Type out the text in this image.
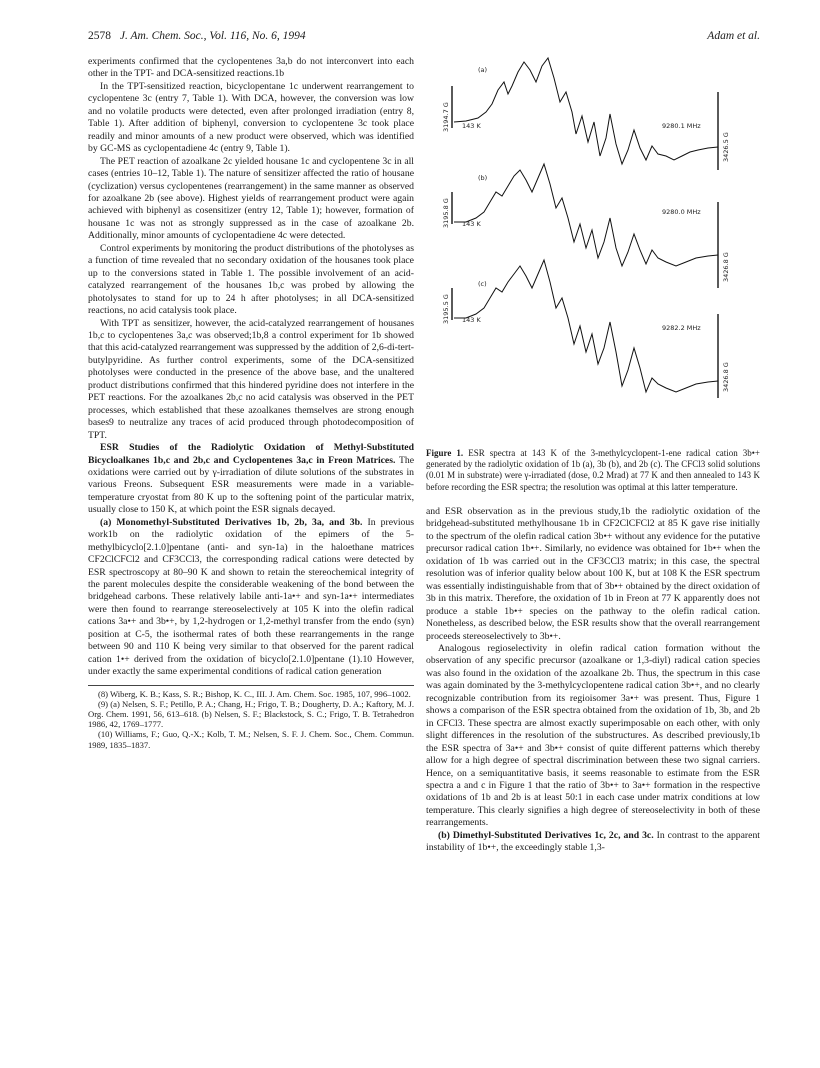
2578 J. Am. Chem. Soc., Vol. 116, No. 6, 1994	Adam et al.

experiments confirmed that the cyclopentenes 3a,b do not interconvert into each other in the TPT- and DCA-sensitized reactions.1b

In the TPT-sensitized reaction, bicyclopentane 1c underwent rearrangement to cyclopentene 3c (entry 7, Table 1). With DCA, however, the conversion was low and no volatile products were detected, even after prolonged irradiation (entry 8, Table 1). After addition of biphenyl, conversion to cyclopentene 3c took place readily and minor amounts of a new product were observed, which was identified by GC-MS as cyclopentadiene 4c (entry 9, Table 1).

The PET reaction of azoalkane 2c yielded housane 1c and cyclopentene 3c in all cases (entries 10–12, Table 1). The nature of sensitizer affected the ratio of housane (cyclization) versus cyclopentenes (rearrangement) in the same manner as observed for azoalkane 2b (see above). Highest yields of rearrangement product were again achieved with biphenyl as cosensitizer (entry 12, Table 1); however, formation of housane 1c was not as strongly suppressed as in the case of azoalkane 2b. Additionally, minor amounts of cyclopentadiene 4c were detected.

Control experiments by monitoring the product distributions of the photolyses as a function of time revealed that no secondary oxidation of the housanes took place up to the conversions stated in Table 1. The possible involvement of an acid-catalyzed rearrangement of the housanes 1b,c was probed by allowing the photolysates to stand for up to 24 h after photolyses; in all DCA-sensitized reactions, no acid catalysis took place.

With TPT as sensitizer, however, the acid-catalyzed rearrangement of housanes 1b,c to cyclopentenes 3a,c was observed;1b,8 a control experiment for 1b showed that this acid-catalyzed rearrangement was suppressed by the addition of 2,6-di-tert-butylpyridine. As further control experiments, some of the DCA-sensitized photolyses were conducted in the presence of the above base, and the unaltered product distributions confirmed that this hindered pyridine does not interfere in the PET reactions. For the azoalkanes 2b,c no acid catalysis was observed in the PET processes, which established that these azoalkanes themselves are strong enough bases9 to neutralize any traces of acid produced through photodecomposition of TPT.

ESR Studies of the Radiolytic Oxidation of Methyl-Substituted Bicycloalkanes 1b,c and 2b,c and Cyclopentenes 3a,c in Freon Matrices. The oxidations were carried out by γ-irradiation of dilute solutions of the substrates in various Freons. Subsequent ESR measurements were made in a variable-temperature cryostat from 80 K up to the softening point of the particular matrix, usually close to 150 K, at which point the ESR signals decayed.

(a) Monomethyl-Substituted Derivatives 1b, 2b, 3a, and 3b. In previous work1b on the radiolytic oxidation of the epimers of the 5-methylbicyclo[2.1.0]pentane (anti- and syn-1a) in the haloethane matrices CF2ClCFCl2 and CF3CCl3, the corresponding radical cations were detected by ESR spectroscopy at 80–90 K and shown to retain the stereochemical integrity of the parent molecules despite the considerable weakening of the bond between the bridgehead carbons. These relatively labile anti-1a•+ and syn-1a•+ intermediates were then found to rearrange stereoselectively at 105 K into the olefin radical cations 3a•+ and 3b•+, by 1,2-hydrogen or 1,2-methyl transfer from the endo (syn) position at C-5, the isothermal rates of both these rearrangements in the range between 90 and 110 K being very similar to that observed for the parent radical cation 1•+ derived from the oxidation of bicyclo[2.1.0]pentane (1).10 However, under exactly the same experimental conditions of radical cation generation

(8) Wiberg, K. B.; Kass, S. R.; Bishop, K. C., III. J. Am. Chem. Soc. 1985, 107, 996–1002.

(9) (a) Nelsen, S. F.; Petillo, P. A.; Chang, H.; Frigo, T. B.; Dougherty, D. A.; Kaftory, M. J. Org. Chem. 1991, 56, 613–618. (b) Nelsen, S. F.; Blackstock, S. C.; Frigo, T. B. Tetrahedron 1986, 42, 1769–1777.

(10) Williams, F.; Guo, Q.-X.; Kolb, T. M.; Nelsen, S. F. J. Chem. Soc., Chem. Commun. 1989, 1835–1837.

(a)
3194.7 G 143 K	9280.1 MHz
3426.5 G
(b)
3195.8 G 143 K
9280.0 MHz
3426.8 G
(c)
3195.5 G 143 K
9282.2 MHz
3426.8 G
Figure 1. ESR spectra at 143 K of the 3-methylcyclopent-1-ene radical cation 3b•+ generated by the radiolytic oxidation of 1b (a), 3b (b), and 2b (c). The CFCl3 solid solutions (0.01 M in substrate) were γ-irradiated (dose, 0.2 Mrad) at 77 K and then annealed to 143 K before recording the ESR spectra; the resolution was optimal at this latter temperature.

and ESR observation as in the previous study,1b the radiolytic oxidation of the bridgehead-substituted methylhousane 1b in CF2ClCFCl2 at 85 K gave rise initially to the spectrum of the olefin radical cation 3b•+ without any evidence for the putative precursor radical cation 1b•+. Similarly, no evidence was obtained for 1b•+ when the oxidation of 1b was carried out in the CF3CCl3 matrix; in this case, the spectral resolution was of inferior quality below about 100 K, but at 108 K the ESR spectrum was essentially indistinguishable from that of 3b•+ obtained by the direct oxidation of 3b in this matrix. Therefore, the oxidation of 1b in Freon at 77 K apparently does not produce a stable 1b•+ species on the pathway to the olefin radical cation. Nonetheless, as described below, the ESR results show that the overall rearrangement proceeds stereoselectively to 3b•+.

Analogous regioselectivity in olefin radical cation formation without the observation of any specific precursor (azoalkane or 1,3-diyl) radical cation species was also found in the oxidation of the azoalkane 2b. Thus, the spectrum in this case was again dominated by the 3-methylcyclopentene radical cation 3b•+, and no clearly recognizable contribution from its regioisomer 3a•+ was present. Thus, Figure 1 shows a comparison of the ESR spectra obtained from the oxidation of 1b, 3b, and 2b in CFCl3. These spectra are almost exactly superimposable on each other, with only slight differences in the resolution of the substructures. As described previously,1b the ESR spectra of 3a•+ and 3b•+ consist of quite different patterns which thereby allow for a high degree of spectral discrimination between these two signal carriers. Hence, on a semiquantitative basis, it seems reasonable to estimate from the ESR spectra a and c in Figure 1 that the ratio of 3b•+ to 3a•+ formation in the respective oxidations of 1b and 2b is at least 50:1 in each case under matrix conditions at low temperature. This clearly signifies a high degree of stereoselectivity in both of these rearrangements.

(b) Dimethyl-Substituted Derivatives 1c, 2c, and 3c. In contrast to the apparent instability of 1b•+, the exceedingly stable 1,3-
